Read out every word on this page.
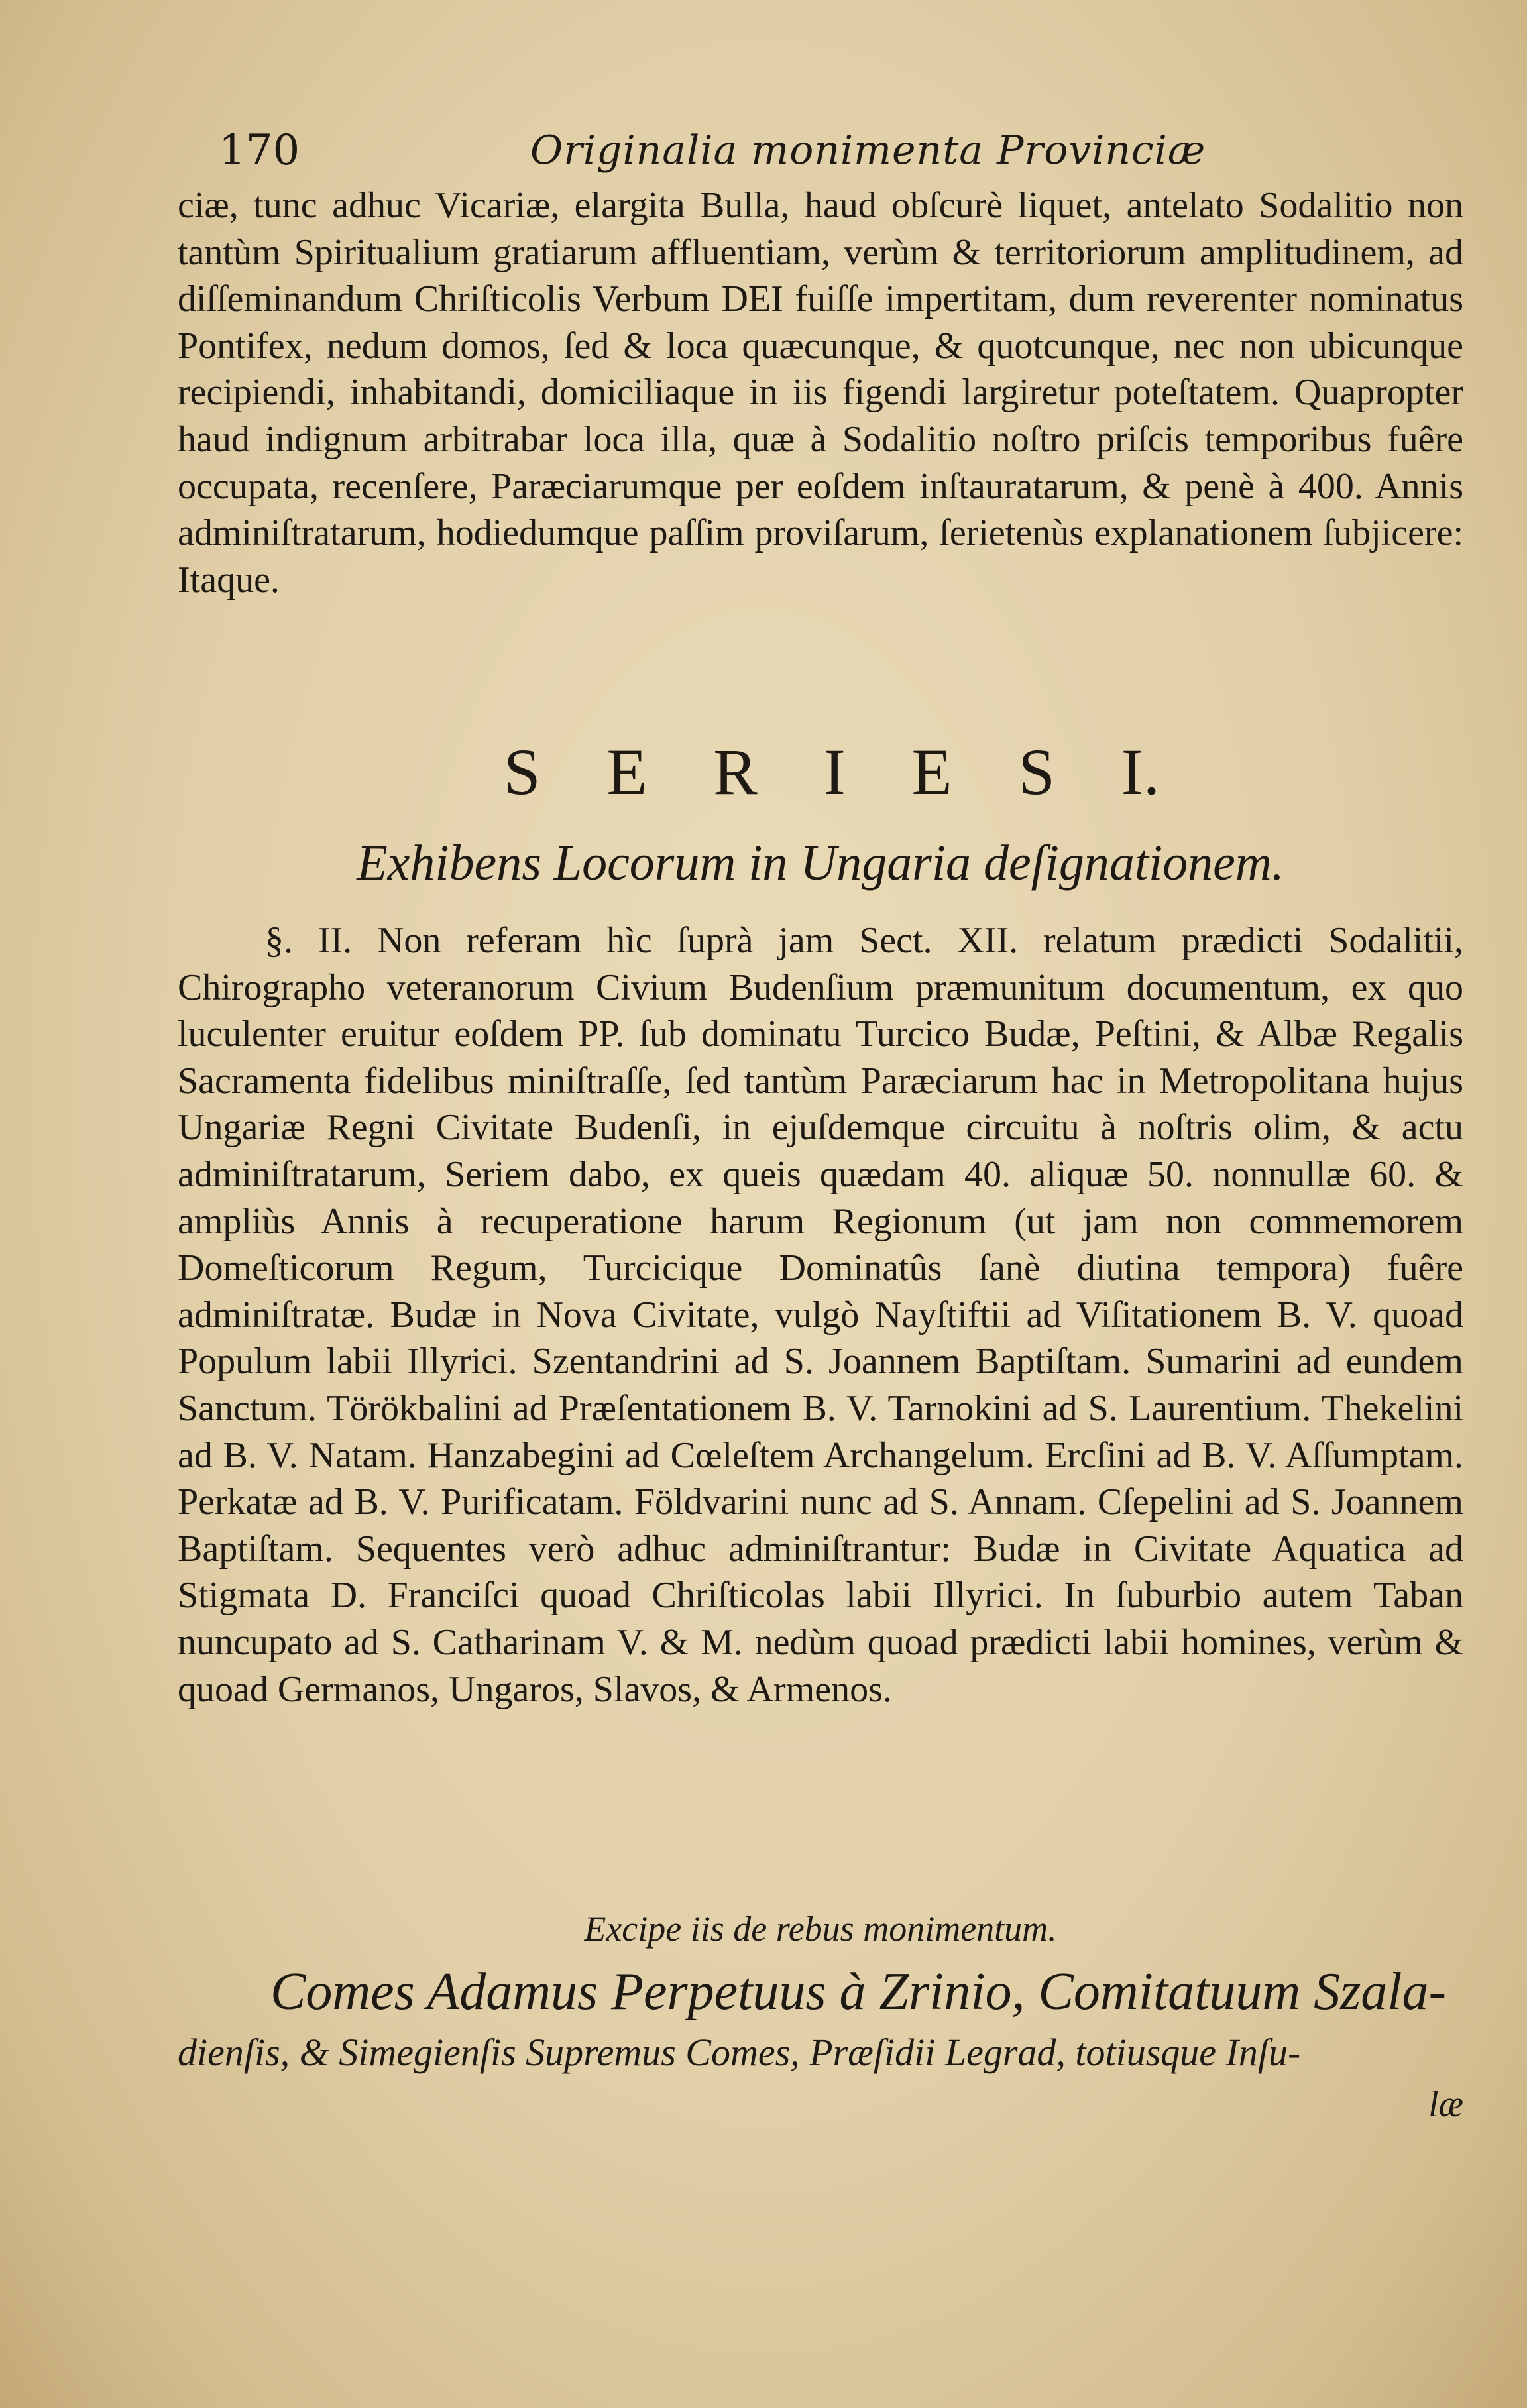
170	Originalia monimenta Provinciæ

ciæ, tunc adhuc Vicariæ, elargita Bulla, haud obſcurè liquet, antelato Sodalitio non tantùm Spiritualium gratiarum affluentiam, verùm & territoriorum amplitudinem, ad diſſeminandum Chriſticolis Verbum DEI fuiſſe impertitam, dum reverenter nominatus Pontifex, nedum domos, ſed & loca quæcunque, & quotcunque, nec non ubicunque recipiendi, inhabitandi, domiciliaque in iis figendi largiretur poteſtatem. Quapropter haud indignum arbitrabar loca illa, quæ à Sodalitio noſtro priſcis temporibus fuêre occupata, recenſere, Paræciarumque per eoſdem inſtauratarum, & penè à 400. Annis adminiſtratarum, hodiedumque paſſim proviſarum, ſerietenùs explanationem ſubjicere: Itaque.

S E R I E S I.
Exhibens Locorum in Ungaria deſignationem.

§. II. Non referam hìc ſuprà jam Sect. XII. relatum prædicti Sodalitii, Chirographo veteranorum Civium Budenſium præmunitum documentum, ex quo luculenter eruitur eoſdem PP. ſub dominatu Turcico Budæ, Peſtini, & Albæ Regalis Sacramenta fidelibus miniſtraſſe, ſed tantùm Paræciarum hac in Metropolitana hujus Ungariæ Regni Civitate Budenſi, in ejuſdemque circuitu à noſtris olim, & actu adminiſtratarum, Seriem dabo, ex queis quædam 40. aliquæ 50. nonnullæ 60. & ampliùs Annis à recuperatione harum Regionum (ut jam non commemorem Domeſticorum Regum, Turcicique Dominatûs ſanè diutina tempora) fuêre adminiſtratæ. Budæ in Nova Civitate, vulgò Nayſtiftii ad Viſitationem B. V. quoad Populum labii Illyrici. Szentandrini ad S. Joannem Baptiſtam. Sumarini ad eundem Sanctum. Törökbalini ad Præſentationem B. V. Tarnokini ad S. Laurentium. Thekelini ad B. V. Natam. Hanzabegini ad Cœleſtem Archangelum. Ercſini ad B. V. Aſſumptam. Perkatæ ad B. V. Purificatam. Földvarini nunc ad S. Annam. Cſepelini ad S. Joannem Baptiſtam. Sequentes verò adhuc adminiſtrantur: Budæ in Civitate Aquatica ad Stigmata D. Franciſci quoad Chriſticolas labii Illyrici. In ſuburbio autem Taban nuncupato ad S. Catharinam V. & M. nedùm quoad prædicti labii homines, verùm & quoad Germanos, Ungaros, Slavos, & Armenos.

Excipe iis de rebus monimentum.
Comes Adamus Perpetuus à Zrinio, Comitatuum Szala-
dienſis, & Simegienſis Supremus Comes, Præſidii Legrad, totiusque Inſu-
læ
